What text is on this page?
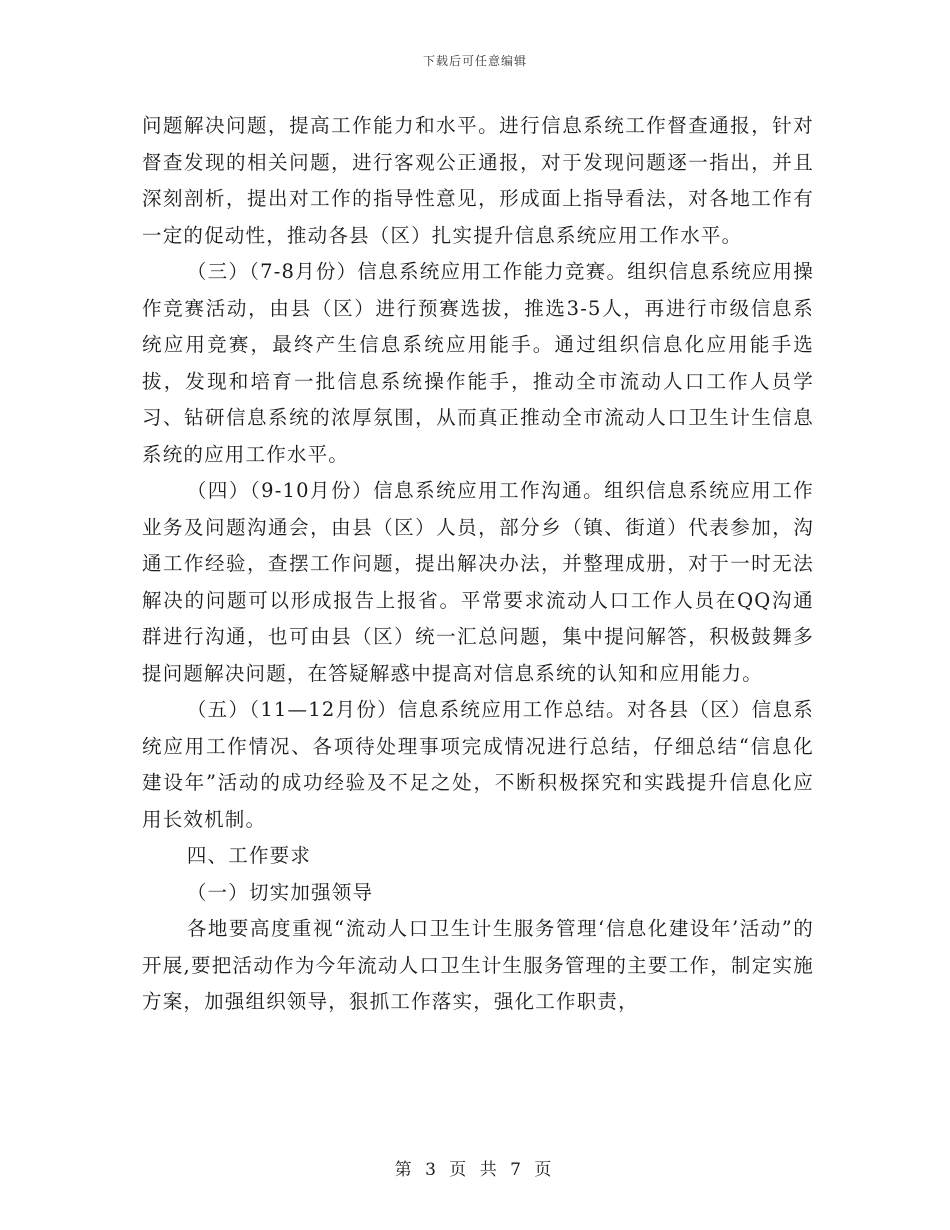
下载后可任意编辑

问题解决问题，提高工作能力和水平。进行信息系统工作督查通报，针对督查发现的相关问题，进行客观公正通报，对于发现问题逐一指出，并且深刻剖析，提出对工作的指导性意见，形成面上指导看法，对各地工作有一定的促动性，推动各县（区）扎实提升信息系统应用工作水平。

（三）（7-8月份）信息系统应用工作能力竞赛。组织信息系统应用操作竞赛活动，由县（区）进行预赛选拔，推选3-5人，再进行市级信息系统应用竞赛，最终产生信息系统应用能手。通过组织信息化应用能手选拔，发现和培育一批信息系统操作能手，推动全市流动人口工作人员学习、钻研信息系统的浓厚氛围，从而真正推动全市流动人口卫生计生信息系统的应用工作水平。

（四）（9-10月份）信息系统应用工作沟通。组织信息系统应用工作业务及问题沟通会，由县（区）人员，部分乡（镇、街道）代表参加，沟通工作经验，查摆工作问题，提出解决办法，并整理成册，对于一时无法解决的问题可以形成报告上报省。平常要求流动人口工作人员在QQ沟通群进行沟通，也可由县（区）统一汇总问题，集中提问解答，积极鼓舞多提问题解决问题，在答疑解惑中提高对信息系统的认知和应用能力。

（五）（11—12月份）信息系统应用工作总结。对各县（区）信息系统应用工作情况、各项待处理事项完成情况进行总结，仔细总结“信息化建设年”活动的成功经验及不足之处，不断积极探究和实践提升信息化应用长效机制。

四、工作要求

（一）切实加强领导

各地要高度重视“流动人口卫生计生服务管理‘信息化建设年’活动”的开展,要把活动作为今年流动人口卫生计生服务管理的主要工作，制定实施方案，加强组织领导，狠抓工作落实，强化工作职责，

第 3 页 共 7 页
